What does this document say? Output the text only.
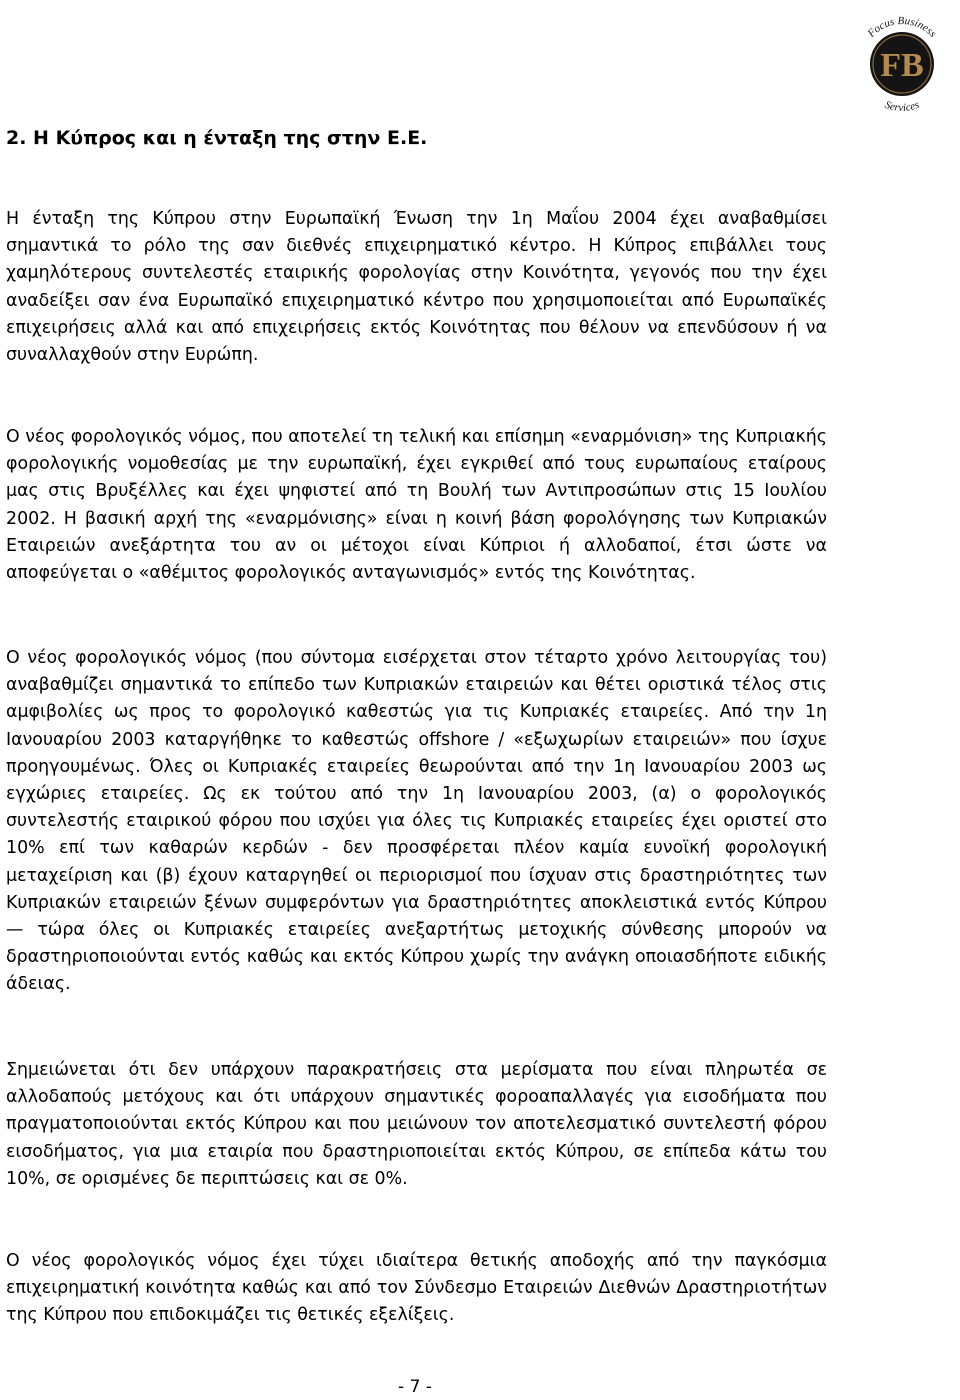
FB
Focus Business
Services
2. Η Κύπρος και η ένταξη της στην Ε.Ε.

Η ένταξη της Κύπρου στην Ευρωπαϊκή Ένωση την 1η Μαΐου 2004 έχει αναβαθμίσει σημαντικά το ρόλο της σαν διεθνές επιχειρηματικό κέντρο. Η Κύπρος επιβάλλει τους χαμηλότερους συντελεστές εταιρικής φορολογίας στην Κοινότητα, γεγονός που την έχει αναδείξει σαν ένα Ευρωπαϊκό επιχειρηματικό κέντρο που χρησιμοποιείται από Ευρωπαϊκές επιχειρήσεις αλλά και από επιχειρήσεις εκτός Κοινότητας που θέλουν να επενδύσουν ή να συναλλαχθούν στην Ευρώπη.

Ο νέος φορολογικός νόμος, που αποτελεί τη τελική και επίσημη «εναρμόνιση» της Κυπριακής φορολογικής νομοθεσίας με την ευρωπαϊκή, έχει εγκριθεί από τους ευρωπαίους εταίρους μας στις Βρυξέλλες και έχει ψηφιστεί από τη Βουλή των Αντιπροσώπων στις 15 Ιουλίου 2002. Η βασική αρχή της «εναρμόνισης» είναι η κοινή βάση φορολόγησης των Κυπριακών Εταιρειών ανεξάρτητα του αν οι μέτοχοι είναι Κύπριοι ή αλλοδαποί, έτσι ώστε να αποφεύγεται ο «αθέμιτος φορολογικός ανταγωνισμός» εντός της Κοινότητας.

Ο νέος φορολογικός νόμος (που σύντομα εισέρχεται στον τέταρτο χρόνο λειτουργίας του) αναβαθμίζει σημαντικά το επίπεδο των Κυπριακών εταιρειών και θέτει οριστικά τέλος στις αμφιβολίες ως προς το φορολογικό καθεστώς για τις Κυπριακές εταιρείες. Από την 1η Ιανουαρίου 2003 καταργήθηκε το καθεστώς offshore / «εξωχωρίων εταιρειών» που ίσχυε προηγουμένως. Όλες οι Κυπριακές εταιρείες θεωρούνται από την 1η Ιανουαρίου 2003 ως εγχώριες εταιρείες. Ως εκ τούτου από την 1η Ιανουαρίου 2003, (α) ο φορολογικός συντελεστής εταιρικού φόρου που ισχύει για όλες τις Κυπριακές εταιρείες έχει οριστεί στο 10% επί των καθαρών κερδών - δεν προσφέρεται πλέον καμία ευνοϊκή φορολογική μεταχείριση και (β) έχουν καταργηθεί οι περιορισμοί που ίσχυαν στις δραστηριότητες των Κυπριακών εταιρειών ξένων συμφερόντων για δραστηριότητες αποκλειστικά εντός Κύπρου — τώρα όλες οι Κυπριακές εταιρείες ανεξαρτήτως μετοχικής σύνθεσης μπορούν να δραστηριοποιούνται εντός καθώς και εκτός Κύπρου χωρίς την ανάγκη οποιασδήποτε ειδικής άδειας.

Σημειώνεται ότι δεν υπάρχουν παρακρατήσεις στα μερίσματα που είναι πληρωτέα σε αλλοδαπούς μετόχους και ότι υπάρχουν σημαντικές φοροαπαλλαγές για εισοδήματα που πραγματοποιούνται εκτός Κύπρου και που μειώνουν τον αποτελεσματικό συντελεστή φόρου εισοδήματος, για μια εταιρία που δραστηριοποιείται εκτός Κύπρου, σε επίπεδα κάτω του 10%, σε ορισμένες δε περιπτώσεις και σε 0%.

Ο νέος φορολογικός νόμος έχει τύχει ιδιαίτερα θετικής αποδοχής από την παγκόσμια επιχειρηματική κοινότητα καθώς και από τον Σύνδεσμο Εταιρειών Διεθνών Δραστηριοτήτων της Κύπρου που επιδοκιμάζει τις θετικές εξελίξεις.

- 7 -
